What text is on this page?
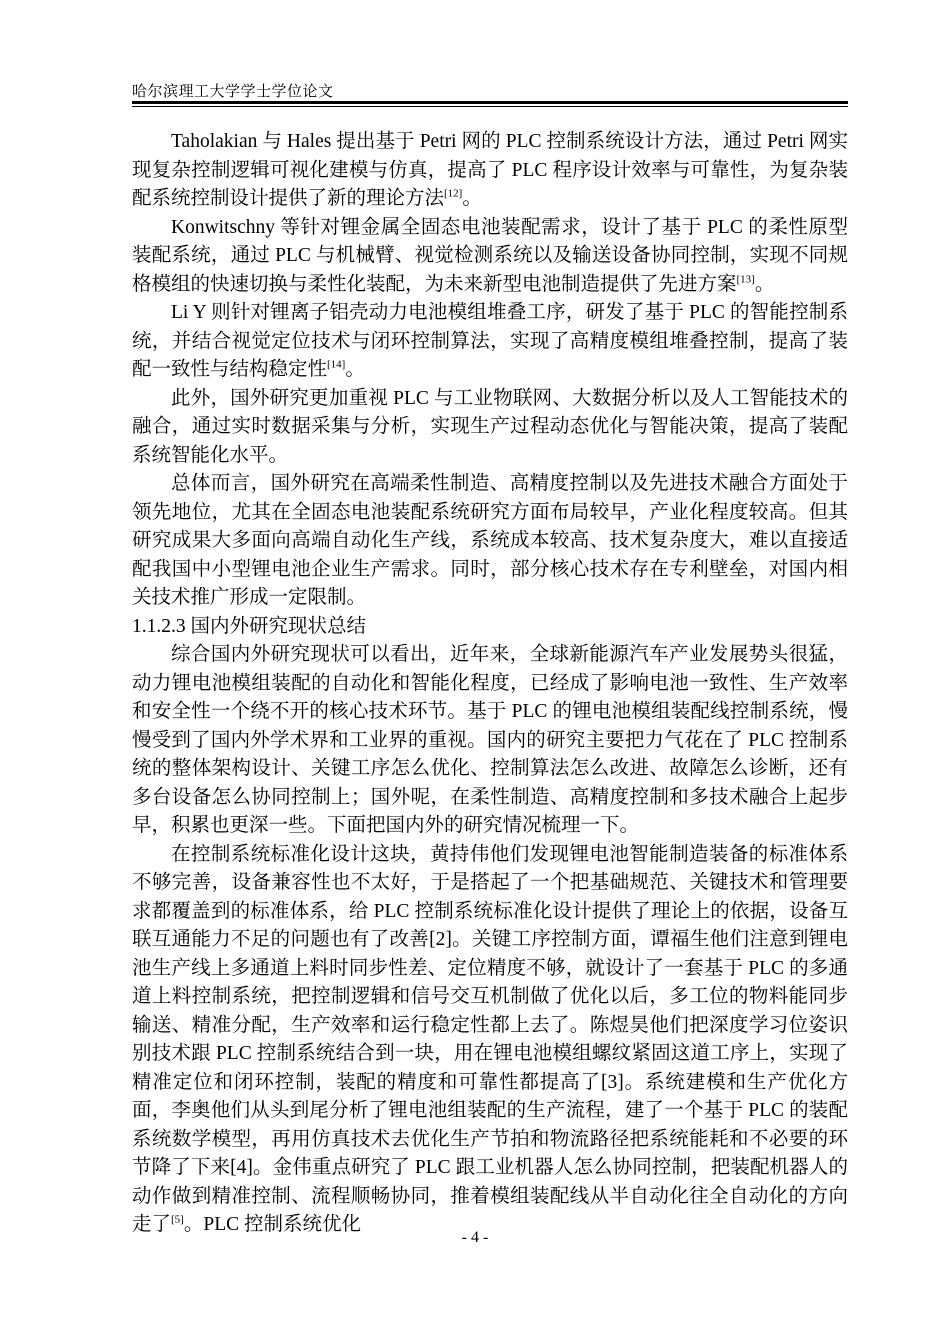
哈尔滨理工大学学士学位论文

Taholakian 与 Hales 提出基于 Petri 网的 PLC 控制系统设计方法，通过 Petri 网实现复杂控制逻辑可视化建模与仿真，提高了 PLC 程序设计效率与可靠性，为复杂装配系统控制设计提供了新的理论方法[12]。

Konwitschny 等针对锂金属全固态电池装配需求，设计了基于 PLC 的柔性原型装配系统，通过 PLC 与机械臂、视觉检测系统以及输送设备协同控制，实现不同规格模组的快速切换与柔性化装配，为未来新型电池制造提供了先进方案[13]。

Li Y 则针对锂离子铝壳动力电池模组堆叠工序，研发了基于 PLC 的智能控制系统，并结合视觉定位技术与闭环控制算法，实现了高精度模组堆叠控制，提高了装配一致性与结构稳定性[14]。

此外，国外研究更加重视 PLC 与工业物联网、大数据分析以及人工智能技术的融合，通过实时数据采集与分析，实现生产过程动态优化与智能决策，提高了装配系统智能化水平。

总体而言，国外研究在高端柔性制造、高精度控制以及先进技术融合方面处于领先地位，尤其在全固态电池装配系统研究方面布局较早，产业化程度较高。但其研究成果大多面向高端自动化生产线，系统成本较高、技术复杂度大，难以直接适配我国中小型锂电池企业生产需求。同时，部分核心技术存在专利壁垒，对国内相关技术推广形成一定限制。

1.1.2.3 国内外研究现状总结

综合国内外研究现状可以看出，近年来，全球新能源汽车产业发展势头很猛，动力锂电池模组装配的自动化和智能化程度，已经成了影响电池一致性、生产效率和安全性一个绕不开的核心技术环节。基于 PLC 的锂电池模组装配线控制系统，慢慢受到了国内外学术界和工业界的重视。国内的研究主要把力气花在了 PLC 控制系统的整体架构设计、关键工序怎么优化、控制算法怎么改进、故障怎么诊断，还有多台设备怎么协同控制上；国外呢，在柔性制造、高精度控制和多技术融合上起步早，积累也更深一些。下面把国内外的研究情况梳理一下。

在控制系统标准化设计这块，黄持伟他们发现锂电池智能制造装备的标准体系不够完善，设备兼容性也不太好，于是搭起了一个把基础规范、关键技术和管理要求都覆盖到的标准体系，给 PLC 控制系统标准化设计提供了理论上的依据，设备互联互通能力不足的问题也有了改善[2]。关键工序控制方面，谭福生他们注意到锂电池生产线上多通道上料时同步性差、定位精度不够，就设计了一套基于 PLC 的多通道上料控制系统，把控制逻辑和信号交互机制做了优化以后，多工位的物料能同步输送、精准分配，生产效率和运行稳定性都上去了。陈煜昊他们把深度学习位姿识别技术跟 PLC 控制系统结合到一块，用在锂电池模组螺纹紧固这道工序上，实现了精准定位和闭环控制，装配的精度和可靠性都提高了[3]。系统建模和生产优化方面，李奥他们从头到尾分析了锂电池组装配的生产流程，建了一个基于 PLC 的装配系统数学模型，再用仿真技术去优化生产节拍和物流路径把系统能耗和不必要的环节降了下来[4]。金伟重点研究了 PLC 跟工业机器人怎么协同控制，把装配机器人的动作做到精准控制、流程顺畅协同，推着模组装配线从半自动化往全自动化的方向走了[5]。PLC 控制系统优化

- 4 -
